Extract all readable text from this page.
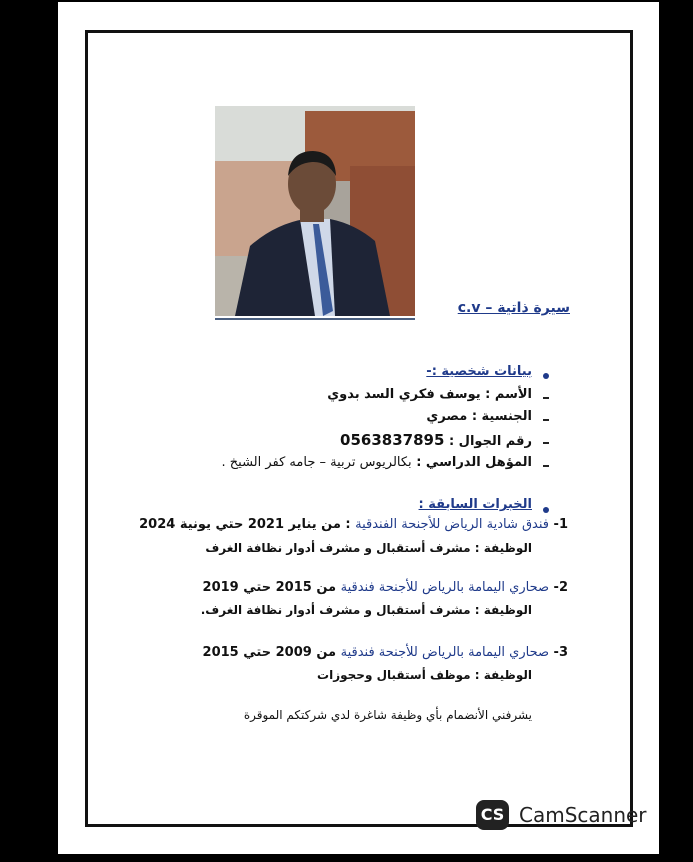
سيرة ذاتية – c.v
بيانات شخصية :-
الأسم : يوسف فكري السد بدوي
الجنسية : مصري
رقم الجوال : 0563837895
المؤهل الدراسي : بكالريوس تربية – جامه كفر الشيخ .
الخبرات السابقة :
1- فندق شادية الرياض للأجنحة الفندقية : من يناير 2021 حتي يونية 2024
الوظيفة : مشرف أستقبال و مشرف أدوار نظافة الغرف
2- صحاري اليمامة بالرياض للأجنحة فندقية من 2015 حتي 2019
الوظيفة : مشرف أستقبال و مشرف أدوار نظافة الغرف.
3- صحاري اليمامة بالرياض للأجنحة فندقية من 2009 حتي 2015
الوظيفة : موظف أستقبال وحجوزات
يشرفني الأنضمام بأي وظيفة شاغرة لدي شركتكم الموقرة
CS CamScanner
